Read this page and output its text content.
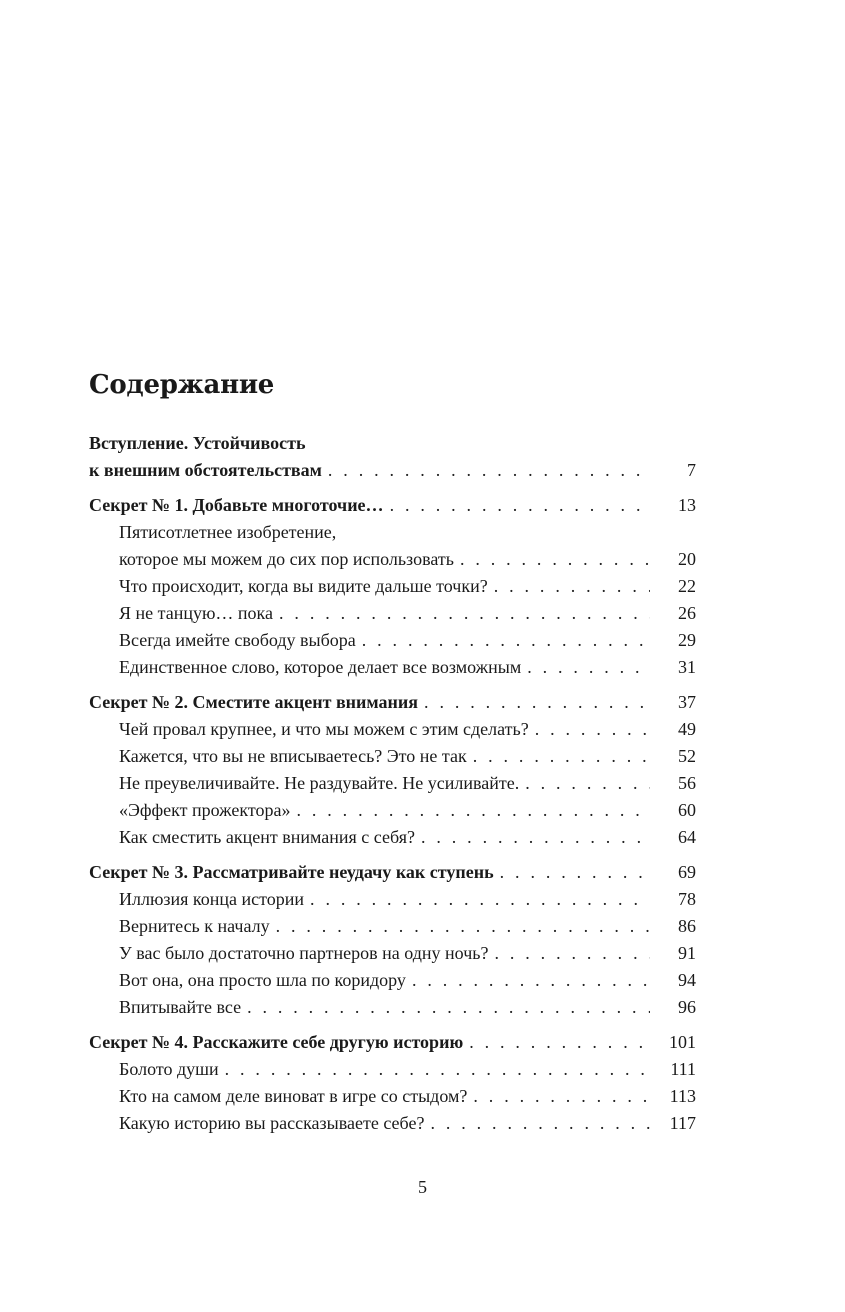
Содержание
Вступление. Устойчивость
к внешним обстоятельствам . . .	7
Секрет № 1. Добавьте многоточие… . . .	13
Пятисотлетнее изобретение,
которое мы можем до сих пор использовать . . .	20
Что происходит, когда вы видите дальше точки? . . .	22
Я не танцую… пока . . .	26
Всегда имейте свободу выбора . . .	29
Единственное слово, которое делает все возможным . . .	31
Секрет № 2. Сместите акцент внимания . . .	37
Чей провал крупнее, и что мы можем с этим сделать? . . .	49
Кажется, что вы не вписываетесь? Это не так . . .	52
Не преувеличивайте. Не раздувайте. Не усиливайте. . . .	56
«Эффект прожектора» . . .	60
Как сместить акцент внимания с себя? . . .	64
Секрет № 3. Рассматривайте неудачу как ступень . . .	69
Иллюзия конца истории . . .	78
Вернитесь к началу . . .	86
У вас было достаточно партнеров на одну ночь? . . .	91
Вот она, она просто шла по коридору . . .	94
Впитывайте все . . .	96
Секрет № 4. Расскажите себе другую историю . . .	101
Болото души . . .	111
Кто на самом деле виноват в игре со стыдом? . . .	113
Какую историю вы рассказываете себе? . . .	117
5
